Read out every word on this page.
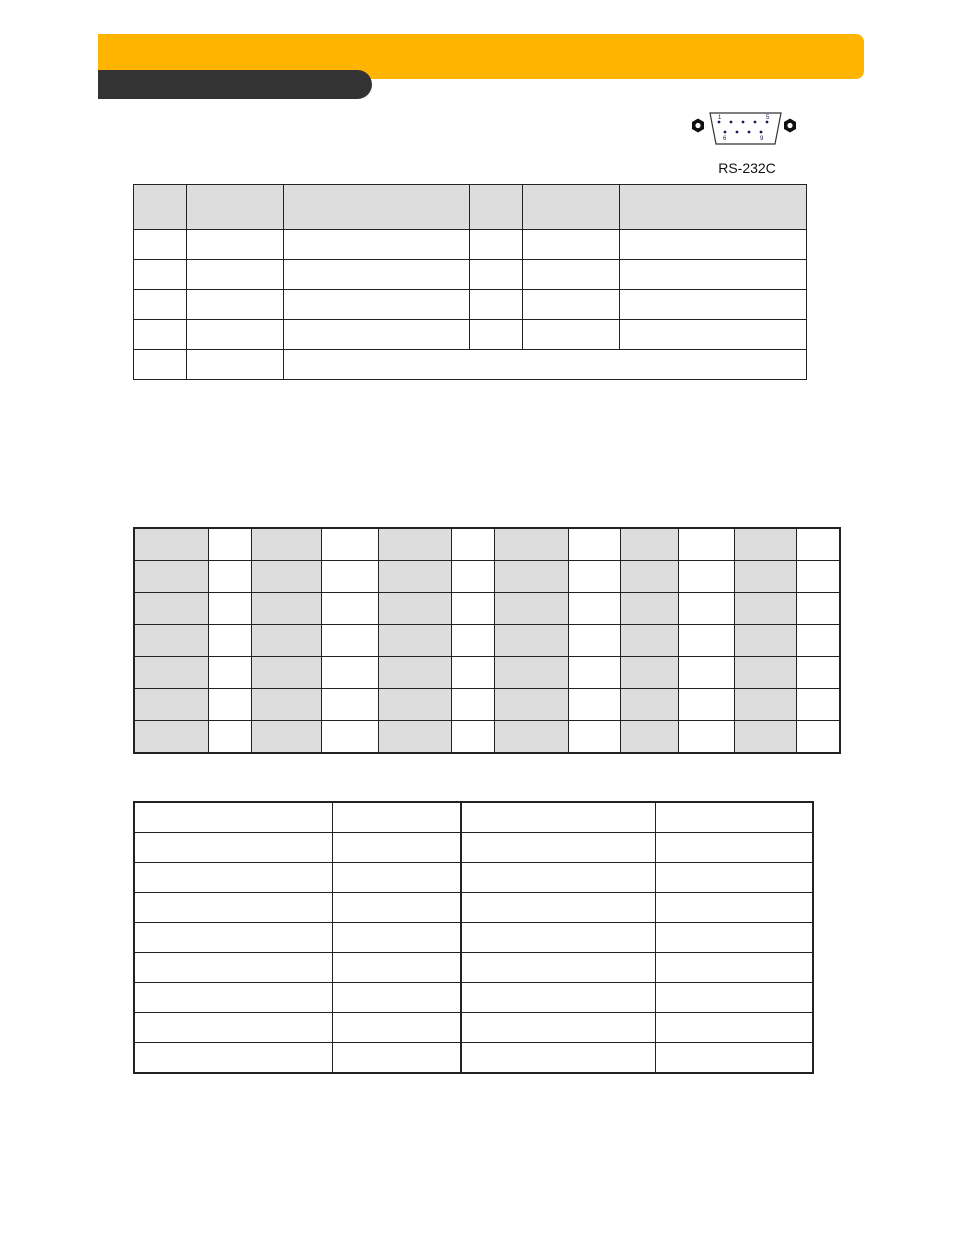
1	5
6	9
RS-232C
